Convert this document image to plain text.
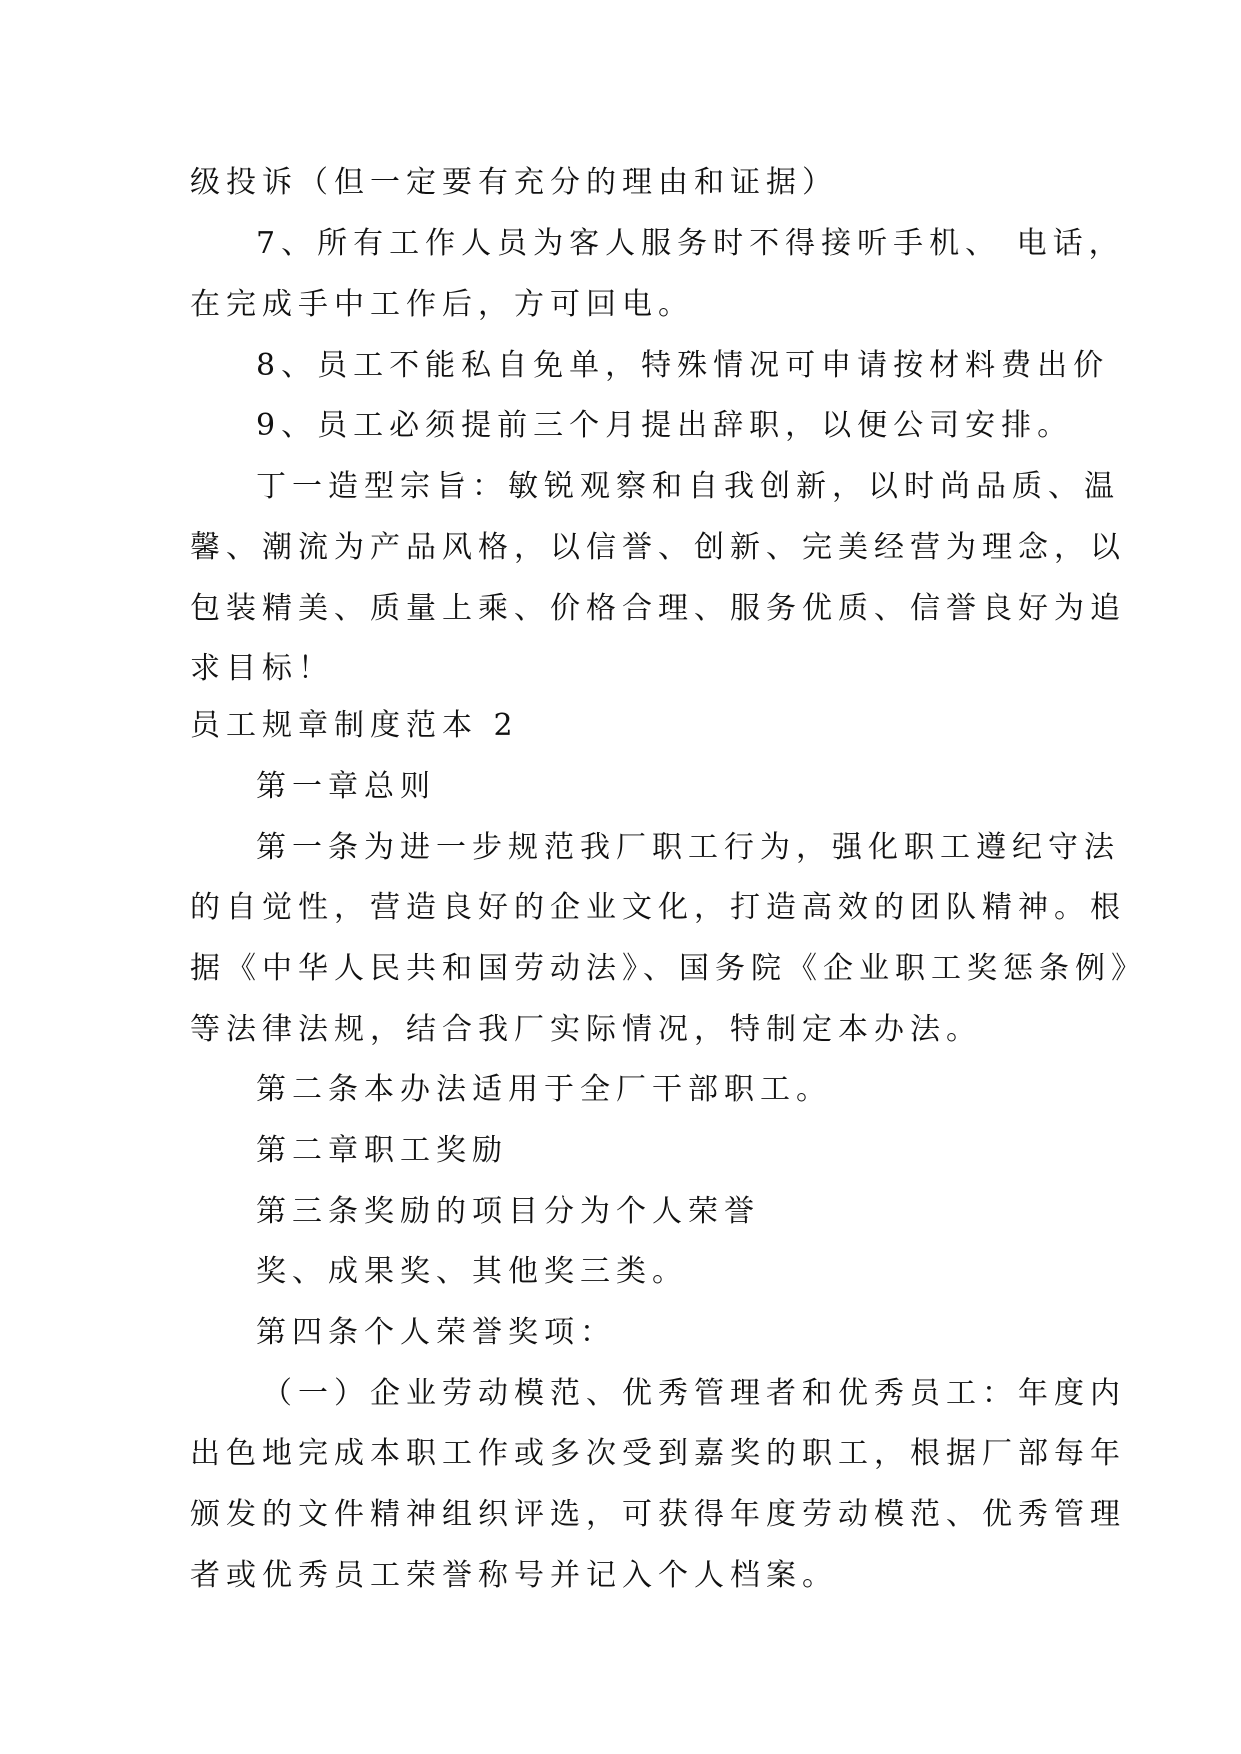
级投诉（但一定要有充分的理由和证据）
7、所有工作人员为客人服务时不得接听手机、 电话，
在完成手中工作后，方可回电。
8、员工不能私自免单，特殊情况可申请按材料费出价
9、员工必须提前三个月提出辞职，以便公司安排。
丁一造型宗旨：敏锐观察和自我创新，以时尚品质、温
馨、潮流为产品风格，以信誉、创新、完美经营为理念，以
包装精美、质量上乘、价格合理、服务优质、信誉良好为追
求目标！
员工规章制度范本 2
第一章总则
第一条为进一步规范我厂职工行为，强化职工遵纪守法
的自觉性，营造良好的企业文化，打造高效的团队精神。根
据《中华人民共和国劳动法》、国务院《企业职工奖惩条例》
等法律法规，结合我厂实际情况，特制定本办法。
第二条本办法适用于全厂干部职工。
第二章职工奖励
第三条奖励的项目分为个人荣誉
奖、成果奖、其他奖三类。
第四条个人荣誉奖项：
（一）企业劳动模范、优秀管理者和优秀员工：年度内
出色地完成本职工作或多次受到嘉奖的职工，根据厂部每年
颁发的文件精神组织评选，可获得年度劳动模范、优秀管理
者或优秀员工荣誉称号并记入个人档案。
